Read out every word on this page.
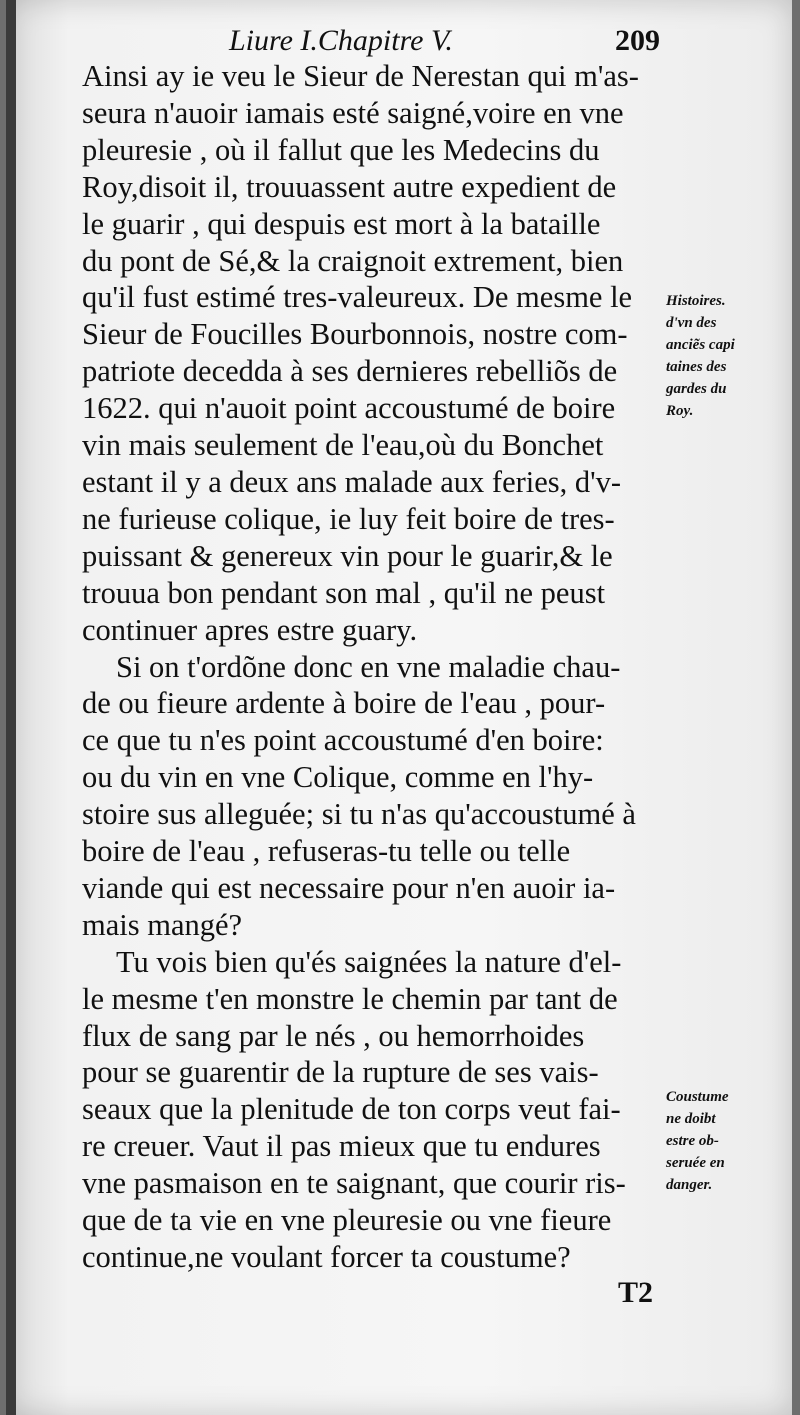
Liure I.Chapitre V.	209
Ainsi ay ie veu le Sieur de Nerestan qui m'as-
seura n'auoir iamais esté saigné,voire en vne
pleuresie , où il fallut que les Medecins du
Roy,disoit il, trouuassent autre expedient de
le guarir , qui despuis est mort à la bataille
du pont de Sé,& la craignoit extrement, bien
qu'il fust estimé tres-valeureux. De mesme le
Sieur de Foucilles Bourbonnois, nostre com-
patriote decedda à ses dernieres rebelliõs de
1622. qui n'auoit point accoustumé de boire
vin mais seulement de l'eau,où du Bonchet
estant il y a deux ans malade aux feries, d'v-
ne furieuse colique, ie luy feit boire de tres-
puissant & genereux vin pour le guarir,& le
trouua bon pendant son mal , qu'il ne peust
continuer apres estre guary.
Si on t'ordõne donc en vne maladie chau-
de ou fieure ardente à boire de l'eau , pour-
ce que tu n'es point accoustumé d'en boire:
ou du vin en vne Colique, comme en l'hy-
stoire sus alleguée; si tu n'as qu'accoustumé à
boire de l'eau , refuseras-tu telle ou telle
viande qui est necessaire pour n'en auoir ia-
mais mangé?
Tu vois bien qu'és saignées la nature d'el-
le mesme t'en monstre le chemin par tant de
flux de sang par le nés , ou hemorrhoides
pour se guarentir de la rupture de ses vais-
seaux que la plenitude de ton corps veut fai-
re creuer. Vaut il pas mieux que tu endures
vne pasmaison en te saignant, que courir ris-
que de ta vie en vne pleuresie ou vne fieure
continue,ne voulant forcer ta coustume?
Histoires.
d'vn des
anciẽs capi
taines des
gardes du
Roy.
Coustume
ne doibt
estre ob-
seruée en
danger.
T2
